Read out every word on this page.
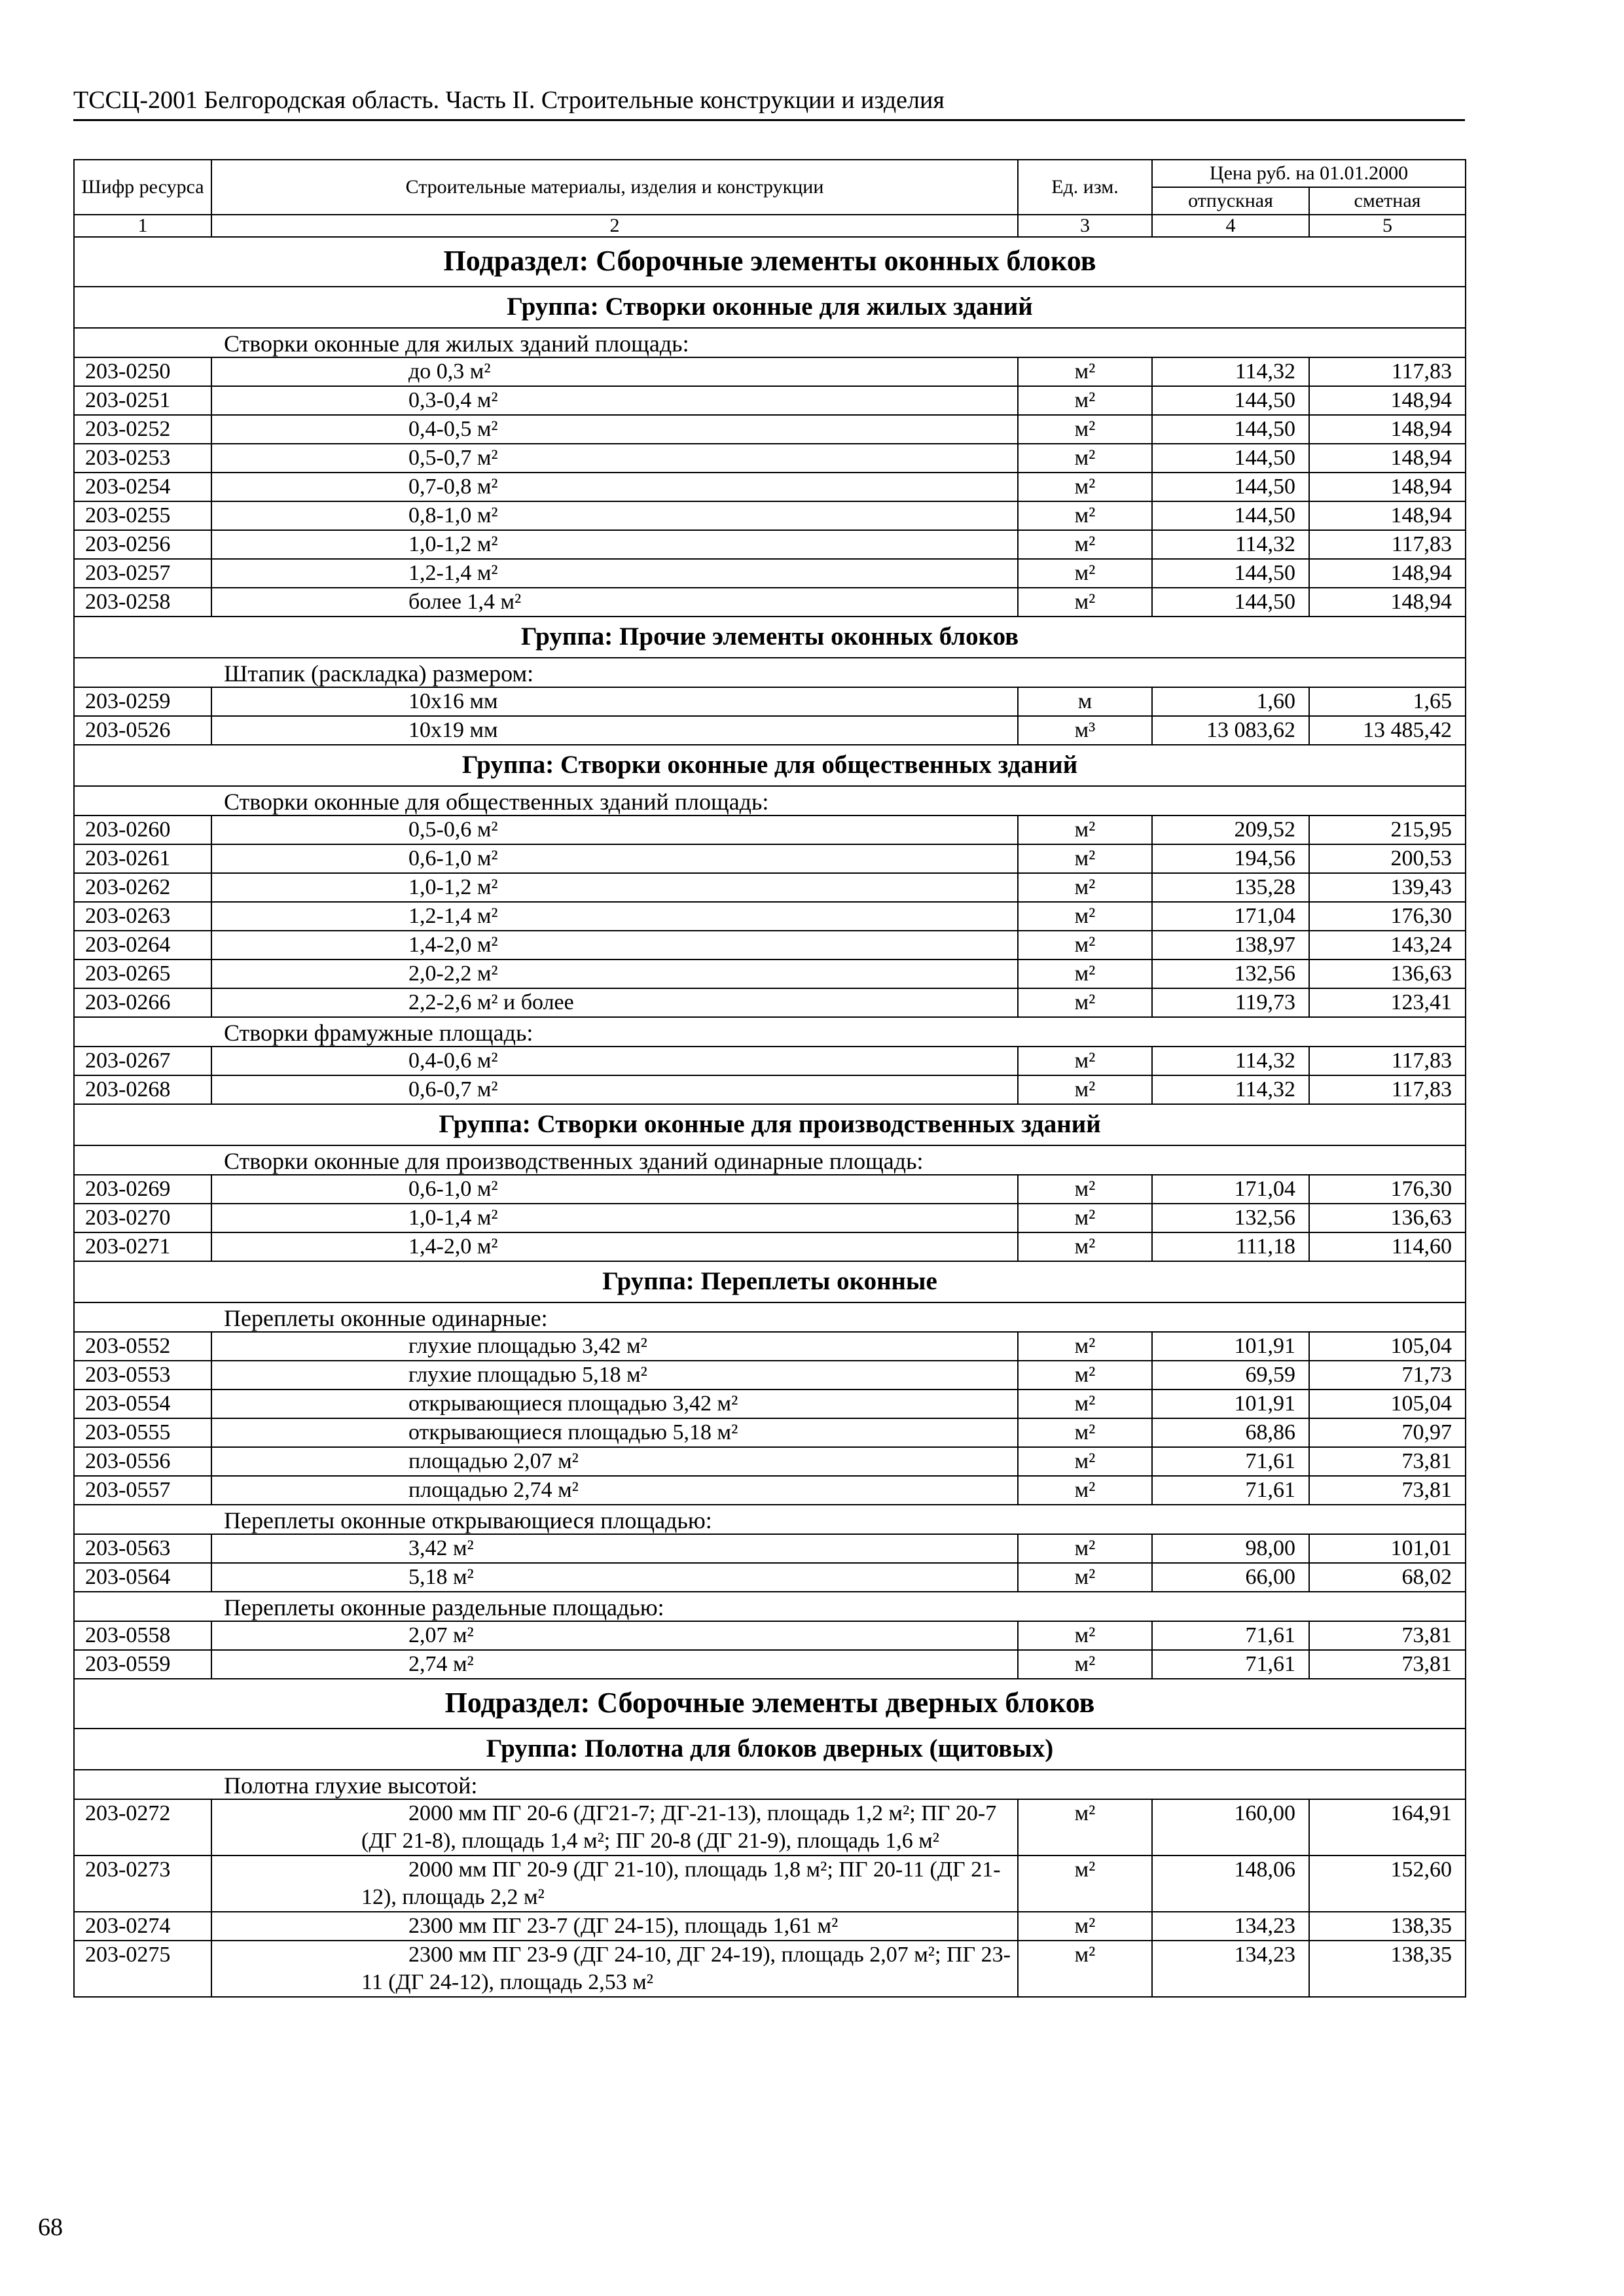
ТССЦ-2001 Белгородская область. Часть II. Строительные конструкции и изделия
Шифр ресурса	Строительные материалы, изделия и конструкции	Ед. изм.	Цена руб. на 01.01.2000	
			отпускная	сметная
1	2	3	4	5
Подраздел: Сборочные элементы оконных блоков				
Группа: Створки оконные для жилых зданий				
Створки оконные для жилых зданий площадь:				
203-0250	до 0,3 м²	м²	114,32	117,83
203-0251	0,3-0,4 м²	м²	144,50	148,94
203-0252	0,4-0,5 м²	м²	144,50	148,94
203-0253	0,5-0,7 м²	м²	144,50	148,94
203-0254	0,7-0,8 м²	м²	144,50	148,94
203-0255	0,8-1,0 м²	м²	144,50	148,94
203-0256	1,0-1,2 м²	м²	114,32	117,83
203-0257	1,2-1,4 м²	м²	144,50	148,94
203-0258	более 1,4 м²	м²	144,50	148,94
Группа: Прочие элементы оконных блоков				
Штапик (раскладка) размером:				
203-0259	10х16 мм	м	1,60	1,65
203-0526	10х19 мм	м³	13 083,62	13 485,42
Группа: Створки оконные для общественных зданий				
Створки оконные для общественных зданий площадь:				
203-0260	0,5-0,6 м²	м²	209,52	215,95
203-0261	0,6-1,0 м²	м²	194,56	200,53
203-0262	1,0-1,2 м²	м²	135,28	139,43
203-0263	1,2-1,4 м²	м²	171,04	176,30
203-0264	1,4-2,0 м²	м²	138,97	143,24
203-0265	2,0-2,2 м²	м²	132,56	136,63
203-0266	2,2-2,6 м² и более	м²	119,73	123,41
Створки фрамужные площадь:				
203-0267	0,4-0,6 м²	м²	114,32	117,83
203-0268	0,6-0,7 м²	м²	114,32	117,83
Группа: Створки оконные для производственных зданий				
Створки оконные для производственных зданий одинарные площадь:				
203-0269	0,6-1,0 м²	м²	171,04	176,30
203-0270	1,0-1,4 м²	м²	132,56	136,63
203-0271	1,4-2,0 м²	м²	111,18	114,60
Группа: Переплеты оконные				
Переплеты оконные одинарные:				
203-0552	глухие площадью 3,42 м²	м²	101,91	105,04
203-0553	глухие площадью 5,18 м²	м²	69,59	71,73
203-0554	открывающиеся площадью 3,42 м²	м²	101,91	105,04
203-0555	открывающиеся площадью 5,18 м²	м²	68,86	70,97
203-0556	площадью 2,07 м²	м²	71,61	73,81
203-0557	площадью 2,74 м²	м²	71,61	73,81
Переплеты оконные открывающиеся площадью:				
203-0563	3,42 м²	м²	98,00	101,01
203-0564	5,18 м²	м²	66,00	68,02
Переплеты оконные раздельные площадью:				
203-0558	2,07 м²	м²	71,61	73,81
203-0559	2,74 м²	м²	71,61	73,81
Подраздел: Сборочные элементы дверных блоков				
Группа: Полотна для блоков дверных (щитовых)				
Полотна глухие высотой:				
203-0272	2000 мм ПГ 20-6 (ДГ21-7; ДГ-21-13), площадь 1,2 м²; ПГ 20-7 (ДГ 21-8), площадь 1,4 м²; ПГ 20-8 (ДГ 21-9), площадь 1,6 м²	м²	160,00	164,91
203-0273	2000 мм ПГ 20-9 (ДГ 21-10), площадь 1,8 м²; ПГ 20-11 (ДГ 21-12), площадь 2,2 м²	м²	148,06	152,60
203-0274	2300 мм ПГ 23-7 (ДГ 24-15), площадь 1,61 м²	м²	134,23	138,35
203-0275	2300 мм ПГ 23-9 (ДГ 24-10, ДГ 24-19), площадь 2,07 м²; ПГ 23-11 (ДГ 24-12), площадь 2,53 м²	м²	134,23	138,35
68
